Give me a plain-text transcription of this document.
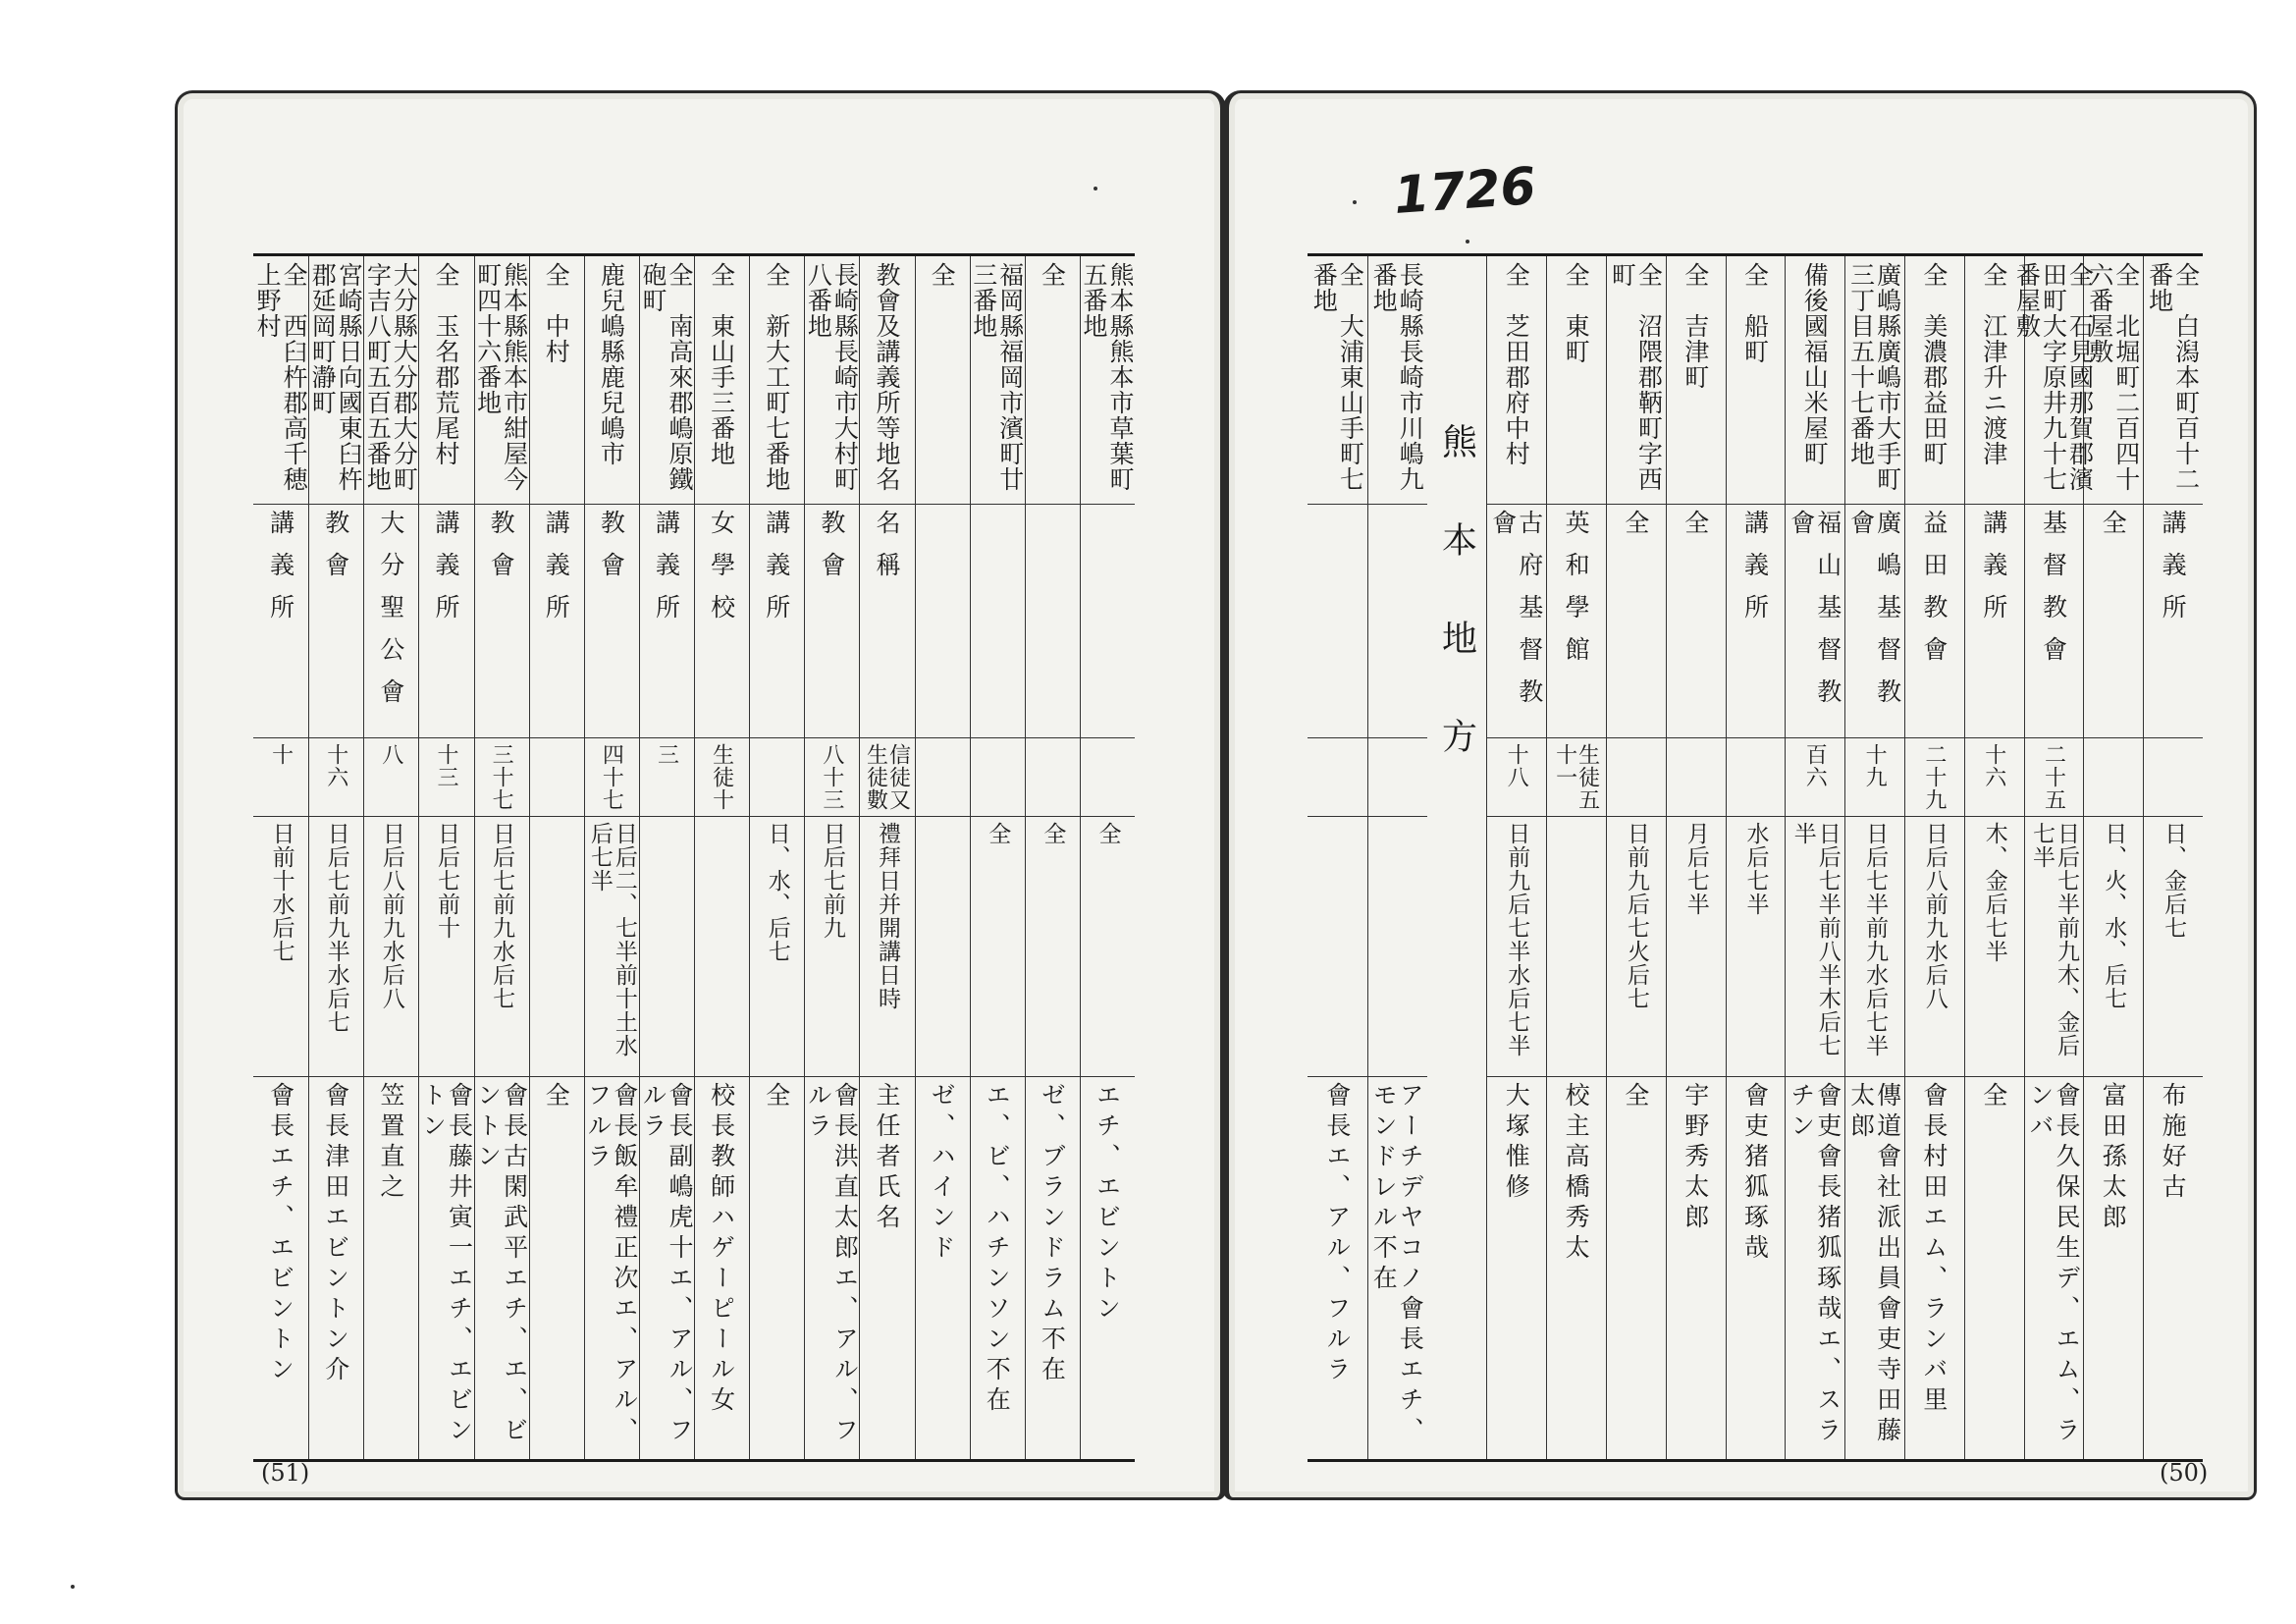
1726
全　西臼杵郡高千穂上野村
講義所
十
日前十水后七
會長エチ、エビントン
宮崎縣日向國東臼杵郡延岡町瀞町
教會
十六
日后七前九半水后七
會長津田エビントン介
大分縣大分郡大分町字吉八町五百五番地
大分聖公會
八
日后八前九水后八
笠置直之
全　玉名郡荒尾村
講義所
十三
日后七前十
會長藤井寅一エチ、エビントン
熊本縣熊本市紺屋今町四十六番地
教會
三十七
日后七前九水后七
會長古閑武平エチ、エ、ビントン
全　中村
講義所
全
鹿兒嶋縣鹿兒嶋市
教會
四十七
日后二、七半前十土水后七半
會長飯牟禮正次エ、アル、フルラ
全　南高來郡嶋原鐵砲町
講義所
三
會長副嶋虎十エ、アル、フルラ
全　東山手三番地
女學校
生徒十
校長教師ハゲーピール女
全　新大工町七番地
講義所
日、水、后七
全
長崎縣長崎市大村町八番地
教會
八十三
日后七前九
會長洪直太郎エ、アル、フルラ
教會及講義所等地名
名稱
信徒又生徒數
禮拜日并開講日時
主任者氏名
全
ゼ、ハインド
福岡縣福岡市濱町廿三番地
全
エ、ビ、ハチンソン不在
全
全
ゼ、ブランドラム不在
熊本縣熊本市草葉町五番地
全
エチ、エビントン
全　大浦東山手町七番地
會長エ、アル、フルラ
長崎縣長崎市川嶋九番地
アーチデヤコノ會長エチ、モンドレル不在
熊本地方
全　芝田郡府中村
古府基督教會
十八
日前九后七半水后七半
大塚惟修
全　東町
英和學館
生徒五十一
校主高橋秀太
全　沼隈郡鞆町字西町
全
日前九后七火后七
全
全　吉津町
全
月后七半
宇野秀太郎
全　船町
講義所
水后七半
會吏猪狐琢哉
備後國福山米屋町
福山基督教會
百六
日后七半前八半木后七半
會吏會長猪狐琢哉エ、スラチン
廣嶋縣廣嶋市大手町三丁目五十七番地
廣嶋基督教會
十九
日后七半前九水后七半
傳道會社派出員會吏寺田藤太郎
全　美濃郡益田町
益田教會
二十九
日后八前九水后八
會長村田エム、ランバ里
全　江津升ニ渡津
講義所
十六
木、金后七半
全
全　石見國那賀郡濱田町大字原井九十七番屋敷
基督教會
二十五
日后七半前九木、金后七半
會長久保民生デ、エム、ランバ
全　北堀町二百四十六番屋敷
全
日、火、水、后七
富田孫太郎
全　白潟本町百十二番地
講義所
日、金后七
布施好古
(51)	(50)
